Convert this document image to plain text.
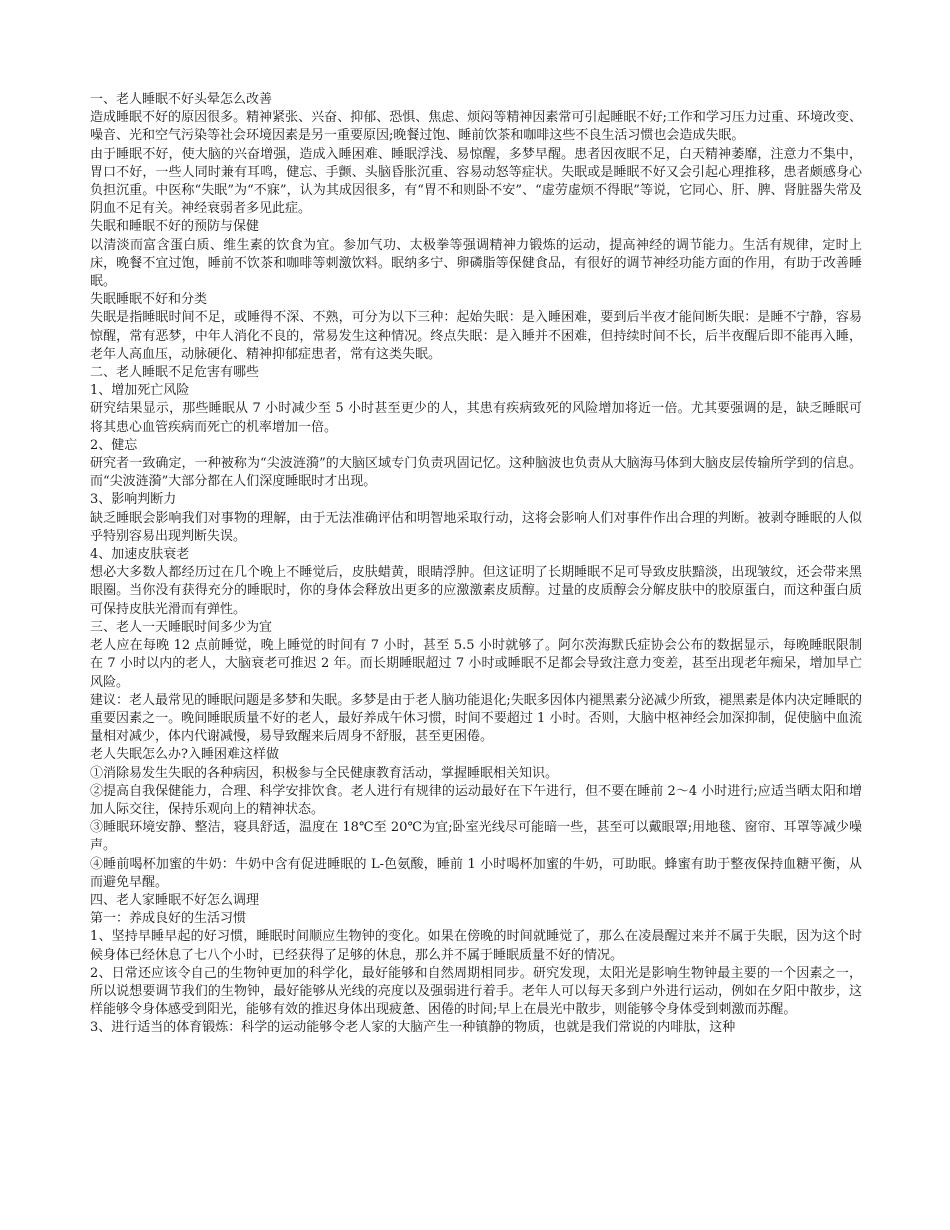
一、老人睡眠不好头晕怎么改善

造成睡眠不好的原因很多。精神紧张、兴奋、抑郁、恐惧、焦虑、烦闷等精神因素常可引起睡眠不好;工作和学习压力过重、环境改变、噪音、光和空气污染等社会环境因素是另一重要原因;晚餐过饱、睡前饮茶和咖啡这些不良生活习惯也会造成失眠。

由于睡眠不好，使大脑的兴奋增强，造成入睡困难、睡眠浮浅、易惊醒，多梦早醒。患者因夜眠不足，白天精神萎靡，注意力不集中，胃口不好，一些人同时兼有耳鸣，健忘、手颤、头脑昏胀沉重、容易动怒等症状。失眠或是睡眠不好又会引起心理推移，患者颇感身心负担沉重。中医称“失眠”为“不寐”，认为其成因很多，有“胃不和则卧不安”、“虚劳虚烦不得眠”等说，它同心、肝、脾、肾脏器失常及阴血不足有关。神经衰弱者多见此症。

失眠和睡眠不好的预防与保健

以清淡而富含蛋白质、维生素的饮食为宜。参加气功、太极拳等强调精神力锻炼的运动，提高神经的调节能力。生活有规律，定时上床，晚餐不宜过饱，睡前不饮茶和咖啡等刺激饮料。眠纳多宁、卵磷脂等保健食品，有很好的调节神经功能方面的作用，有助于改善睡眠。

失眠睡眠不好和分类

失眠是指睡眠时间不足，或睡得不深、不熟，可分为以下三种：起始失眠：是入睡困难，要到后半夜才能间断失眠：是睡不宁静，容易惊醒，常有恶梦，中年人消化不良的，常易发生这种情况。终点失眠：是入睡并不困难，但持续时间不长，后半夜醒后即不能再入睡，老年人高血压，动脉硬化、精神抑郁症患者，常有这类失眠。

二、老人睡眠不足危害有哪些

1、增加死亡风险

研究结果显示，那些睡眠从 7 小时减少至 5 小时甚至更少的人，其患有疾病致死的风险增加将近一倍。尤其要强调的是，缺乏睡眠可将其患心血管疾病而死亡的机率增加一倍。

2、健忘

研究者一致确定，一种被称为“尖波涟漪”的大脑区域专门负责巩固记忆。这种脑波也负责从大脑海马体到大脑皮层传输所学到的信息。而“尖波涟漪”大部分都在人们深度睡眠时才出现。

3、影响判断力

缺乏睡眠会影响我们对事物的理解，由于无法准确评估和明智地采取行动，这将会影响人们对事件作出合理的判断。被剥夺睡眠的人似乎特别容易出现判断失误。

4、加速皮肤衰老

想必大多数人都经历过在几个晚上不睡觉后，皮肤蜡黄，眼睛浮肿。但这证明了长期睡眠不足可导致皮肤黯淡，出现皱纹，还会带来黑眼圈。当你没有获得充分的睡眠时，你的身体会释放出更多的应激激素皮质醇。过量的皮质醇会分解皮肤中的胶原蛋白，而这种蛋白质可保持皮肤光滑而有弹性。

三、老人一天睡眠时间多少为宜

老人应在每晚 12 点前睡觉，晚上睡觉的时间有 7 小时，甚至 5.5 小时就够了。阿尔茨海默氏症协会公布的数据显示，每晚睡眠限制在 7 小时以内的老人，大脑衰老可推迟 2 年。而长期睡眠超过 7 小时或睡眠不足都会导致注意力变差，甚至出现老年痴呆，增加早亡风险。

建议：老人最常见的睡眠问题是多梦和失眠。多梦是由于老人脑功能退化;失眠多因体内褪黑素分泌减少所致，褪黑素是体内决定睡眠的重要因素之一。晚间睡眠质量不好的老人，最好养成午休习惯，时间不要超过 1 小时。否则，大脑中枢神经会加深抑制，促使脑中血流量相对减少，体内代谢减慢，易导致醒来后周身不舒服，甚至更困倦。

老人失眠怎么办?入睡困难这样做

①消除易发生失眠的各种病因，积极参与全民健康教育活动，掌握睡眠相关知识。

②提高自我保健能力，合理、科学安排饮食。老人进行有规律的运动最好在下午进行，但不要在睡前 2～4 小时进行;应适当晒太阳和增加人际交往，保持乐观向上的精神状态。

③睡眠环境安静、整洁，寝具舒适，温度在 18℃至 20℃为宜;卧室光线尽可能暗一些，甚至可以戴眼罩;用地毯、窗帘、耳罩等减少噪声。

④睡前喝杯加蜜的牛奶：牛奶中含有促进睡眠的 L-色氨酸，睡前 1 小时喝杯加蜜的牛奶，可助眠。蜂蜜有助于整夜保持血糖平衡，从而避免早醒。

四、老人家睡眠不好怎么调理

第一：养成良好的生活习惯

1、坚持早睡早起的好习惯，睡眠时间顺应生物钟的变化。如果在傍晚的时间就睡觉了，那么在凌晨醒过来并不属于失眠，因为这个时候身体已经休息了七八个小时，已经获得了足够的休息，那么并不属于睡眠质量不好的情况。

2、日常还应该令自己的生物钟更加的科学化，最好能够和自然周期相同步。研究发现，太阳光是影响生物钟最主要的一个因素之一，所以说想要调节我们的生物钟，最好能够从光线的亮度以及强弱进行着手。老年人可以每天多到户外进行运动，例如在夕阳中散步，这样能够令身体感受到阳光，能够有效的推迟身体出现疲惫、困倦的时间;早上在晨光中散步，则能够令身体受到刺激而苏醒。

3、进行适当的体育锻炼：科学的运动能够令老人家的大脑产生一种镇静的物质，也就是我们常说的内啡肽，这种
